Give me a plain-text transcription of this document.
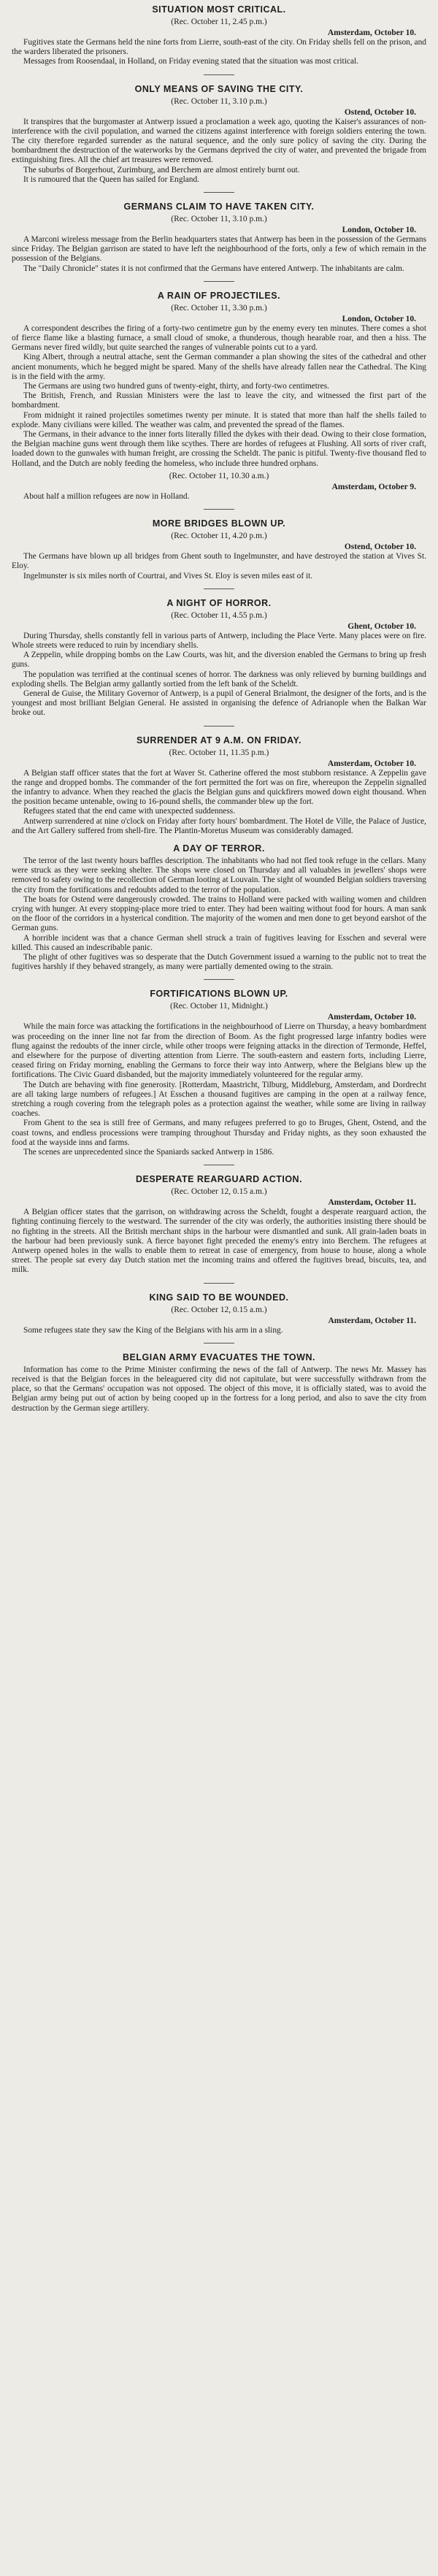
SITUATION MOST CRITICAL.
(Rec. October 11, 2.45 p.m.)
Amsterdam, October 10.

Fugitives state the Germans held the nine forts from Lierre, south-east of the city. On Friday shells fell on the prison, and the warders liberated the prisoners.

Messages from Roosendaal, in Holland, on Friday evening stated that the situation was most critical.

ONLY MEANS OF SAVING THE CITY.
(Rec. October 11, 3.10 p.m.)
Ostend, October 10.

It transpires that the burgomaster at Antwerp issued a proclamation a week ago, quoting the Kaiser's assurances of non-interference with the civil population, and warned the citizens against interference with foreign soldiers entering the town. The city therefore regarded surrender as the natural sequence, and the only sure policy of saving the city. During the bombardment the destruction of the waterworks by the Germans deprived the city of water, and prevented the brigade from extinguishing fires. All the chief art treasures were removed.

The suburbs of Borgerhout, Zurimburg, and Berchem are almost entirely burnt out.

It is rumoured that the Queen has sailed for England.

GERMANS CLAIM TO HAVE TAKEN CITY.
(Rec. October 11, 3.10 p.m.)
London, October 10.

A Marconi wireless message from the Berlin headquarters states that Antwerp has been in the possession of the Germans since Friday. The Belgian garrison are stated to have left the neighbourhood of the forts, only a few of which remain in the possession of the Belgians.

The "Daily Chronicle" states it is not confirmed that the Germans have entered Antwerp. The inhabitants are calm.

A RAIN OF PROJECTILES.
(Rec. October 11, 3.30 p.m.)
London, October 10.

A correspondent describes the firing of a forty-two centimetre gun by the enemy every ten minutes. There comes a shot of fierce flame like a blasting furnace, a small cloud of smoke, a thunderous, though hearable roar, and then a hiss. The Germans never fired wildly, but quite searched the ranges of vulnerable points cut to a yard.

King Albert, through a neutral attache, sent the German commander a plan showing the sites of the cathedral and other ancient monuments, which he begged might be spared. Many of the shells have already fallen near the Cathedral. The King is in the field with the army.

The Germans are using two hundred guns of twenty-eight, thirty, and forty-two centimetres.

The British, French, and Russian Ministers were the last to leave the city, and witnessed the first part of the bombardment.

From midnight it rained projectiles sometimes twenty per minute. It is stated that more than half the shells failed to explode. Many civilians were killed. The weather was calm, and prevented the spread of the flames.

The Germans, in their advance to the inner forts literally filled the dykes with their dead. Owing to their close formation, the Belgian machine guns went through them like scythes. There are hordes of refugees at Flushing. All sorts of river craft, loaded down to the gunwales with human freight, are crossing the Scheldt. The panic is pitiful. Twenty-five thousand fled to Holland, and the Dutch are nobly feeding the homeless, who include three hundred orphans.

(Rec. October 11, 10.30 a.m.)
Amsterdam, October 9.

About half a million refugees are now in Holland.

MORE BRIDGES BLOWN UP.
(Rec. October 11, 4.20 p.m.)
Ostend, October 10.

The Germans have blown up all bridges from Ghent south to Ingelmunster, and have destroyed the station at Vives St. Eloy.

Ingelmunster is six miles north of Courtrai, and Vives St. Eloy is seven miles east of it.

A NIGHT OF HORROR.
(Rec. October 11, 4.55 p.m.)
Ghent, October 10.

During Thursday, shells constantly fell in various parts of Antwerp, including the Place Verte. Many places were on fire. Whole streets were reduced to ruin by incendiary shells.

A Zeppelin, while dropping bombs on the Law Courts, was hit, and the diversion enabled the Germans to bring up fresh guns.

The population was terrified at the continual scenes of horror. The darkness was only relieved by burning buildings and exploding shells. The Belgian army gallantly sortied from the left bank of the Scheldt.

General de Guise, the Military Governor of Antwerp, is a pupil of General Brialmont, the designer of the forts, and is the youngest and most brilliant Belgian General. He assisted in organising the defence of Adrianople when the Balkan War broke out.

SURRENDER AT 9 A.M. ON FRIDAY.
(Rec. October 11, 11.35 p.m.)
Amsterdam, October 10.

A Belgian staff officer states that the fort at Waver St. Catherine offered the most stubborn resistance. A Zeppelin gave the range and dropped bombs. The commander of the fort permitted the fort was on fire, whereupon the Zeppelin signalled the infantry to advance. When they reached the glacis the Belgian guns and quickfirers mowed down eight thousand. When the position became untenable, owing to 16-pound shells, the commander blew up the fort.

Refugees stated that the end came with unexpected suddenness.

Antwerp surrendered at nine o'clock on Friday after forty hours' bombardment. The Hotel de Ville, the Palace of Justice, and the Art Gallery suffered from shell-fire. The Plantin-Moretus Museum was considerably damaged.

A DAY OF TERROR.

The terror of the last twenty hours baffles description. The inhabitants who had not fled took refuge in the cellars. Many were struck as they were seeking shelter. The shops were closed on Thursday and all valuables in jewellers' shops were removed to safety owing to the recollection of German looting at Louvain. The sight of wounded Belgian soldiers traversing the city from the fortifications and redoubts added to the terror of the population.

The boats for Ostend were dangerously crowded. The trains to Holland were packed with wailing women and children crying with hunger. At every stopping-place more tried to enter. They had been waiting without food for hours. A man sank on the floor of the corridors in a hysterical condition. The majority of the women and men done to get beyond earshot of the German guns.

A horrible incident was that a chance German shell struck a train of fugitives leaving for Esschen and several were killed. This caused an indescribable panic.

The plight of other fugitives was so desperate that the Dutch Government issued a warning to the public not to treat the fugitives harshly if they behaved strangely, as many were partially demented owing to the strain.

FORTIFICATIONS BLOWN UP.
(Rec. October 11, Midnight.)
Amsterdam, October 10.

While the main force was attacking the fortifications in the neighbourhood of Lierre on Thursday, a heavy bombardment was proceeding on the inner line not far from the direction of Boom. As the fight progressed large infantry bodies were flung against the redoubts of the inner circle, while other troops were feigning attacks in the direction of Termonde, Heffel, and elsewhere for the purpose of diverting attention from Lierre. The south-eastern and eastern forts, including Lierre, ceased firing on Friday morning, enabling the Germans to force their way into Antwerp, where the Belgians blew up the fortifications. The Civic Guard disbanded, but the majority immediately volunteered for the regular army.

The Dutch are behaving with fine generosity. [Rotterdam, Maastricht, Tilburg, Middleburg, Amsterdam, and Dordrecht are all taking large numbers of refugees.] At Esschen a thousand fugitives are camping in the open at a railway fence, stretching a rough covering from the telegraph poles as a protection against the weather, while some are living in railway coaches.

From Ghent to the sea is still free of Germans, and many refugees preferred to go to Bruges, Ghent, Ostend, and the coast towns, and endless processions were tramping throughout Thursday and Friday nights, as they soon exhausted the food at the wayside inns and farms.

The scenes are unprecedented since the Spaniards sacked Antwerp in 1586.

DESPERATE REARGUARD ACTION.
(Rec. October 12, 0.15 a.m.)
Amsterdam, October 11.

A Belgian officer states that the garrison, on withdrawing across the Scheldt, fought a desperate rearguard action, the fighting continuing fiercely to the westward. The surrender of the city was orderly, the authorities insisting there should be no fighting in the streets. All the British merchant ships in the harbour were dismantled and sunk. All grain-laden boats in the harbour had been previously sunk. A fierce bayonet fight preceded the enemy's entry into Berchem. The refugees at Antwerp opened holes in the walls to enable them to retreat in case of emergency, from house to house, along a whole street. The people sat every day Dutch station met the incoming trains and offered the fugitives bread, biscuits, tea, and milk.

KING SAID TO BE WOUNDED.
(Rec. October 12, 0.15 a.m.)
Amsterdam, October 11.

Some refugees state they saw the King of the Belgians with his arm in a sling.

BELGIAN ARMY EVACUATES THE TOWN.

Information has come to the Prime Minister confirming the news of the fall of Antwerp. The news Mr. Massey has received is that the Belgian forces in the beleaguered city did not capitulate, but were successfully withdrawn from the place, so that the Germans' occupation was not opposed. The object of this move, it is officially stated, was to avoid the Belgian army being put out of action by being cooped up in the fortress for a long period, and also to save the city from destruction by the German siege artillery.
